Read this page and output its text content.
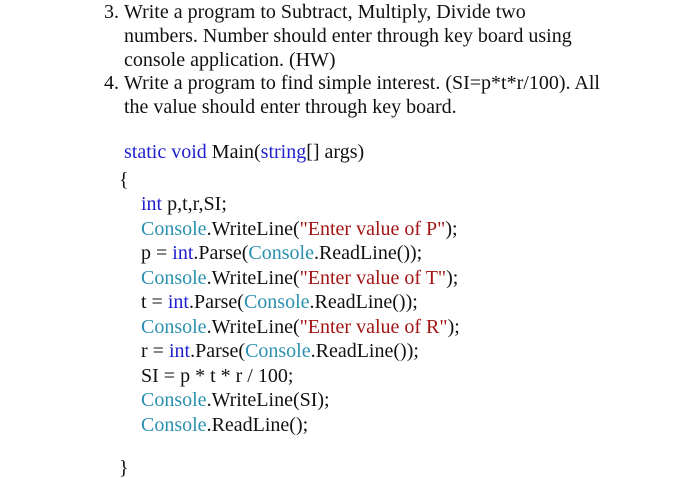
3. Write a program to Subtract, Multiply, Divide two
numbers. Number should enter through key board using
console application. (HW)
4. Write a program to find simple interest. (SI=p*t*r/100). All
the value should enter through key board.
static void Main(string[] args)
{
int p,t,r,SI;
Console.WriteLine("Enter value of P");
p = int.Parse(Console.ReadLine());
Console.WriteLine("Enter value of T");
t = int.Parse(Console.ReadLine());
Console.WriteLine("Enter value of R");
r = int.Parse(Console.ReadLine());
SI = p * t * r / 100;
Console.WriteLine(SI);
Console.ReadLine();
}
